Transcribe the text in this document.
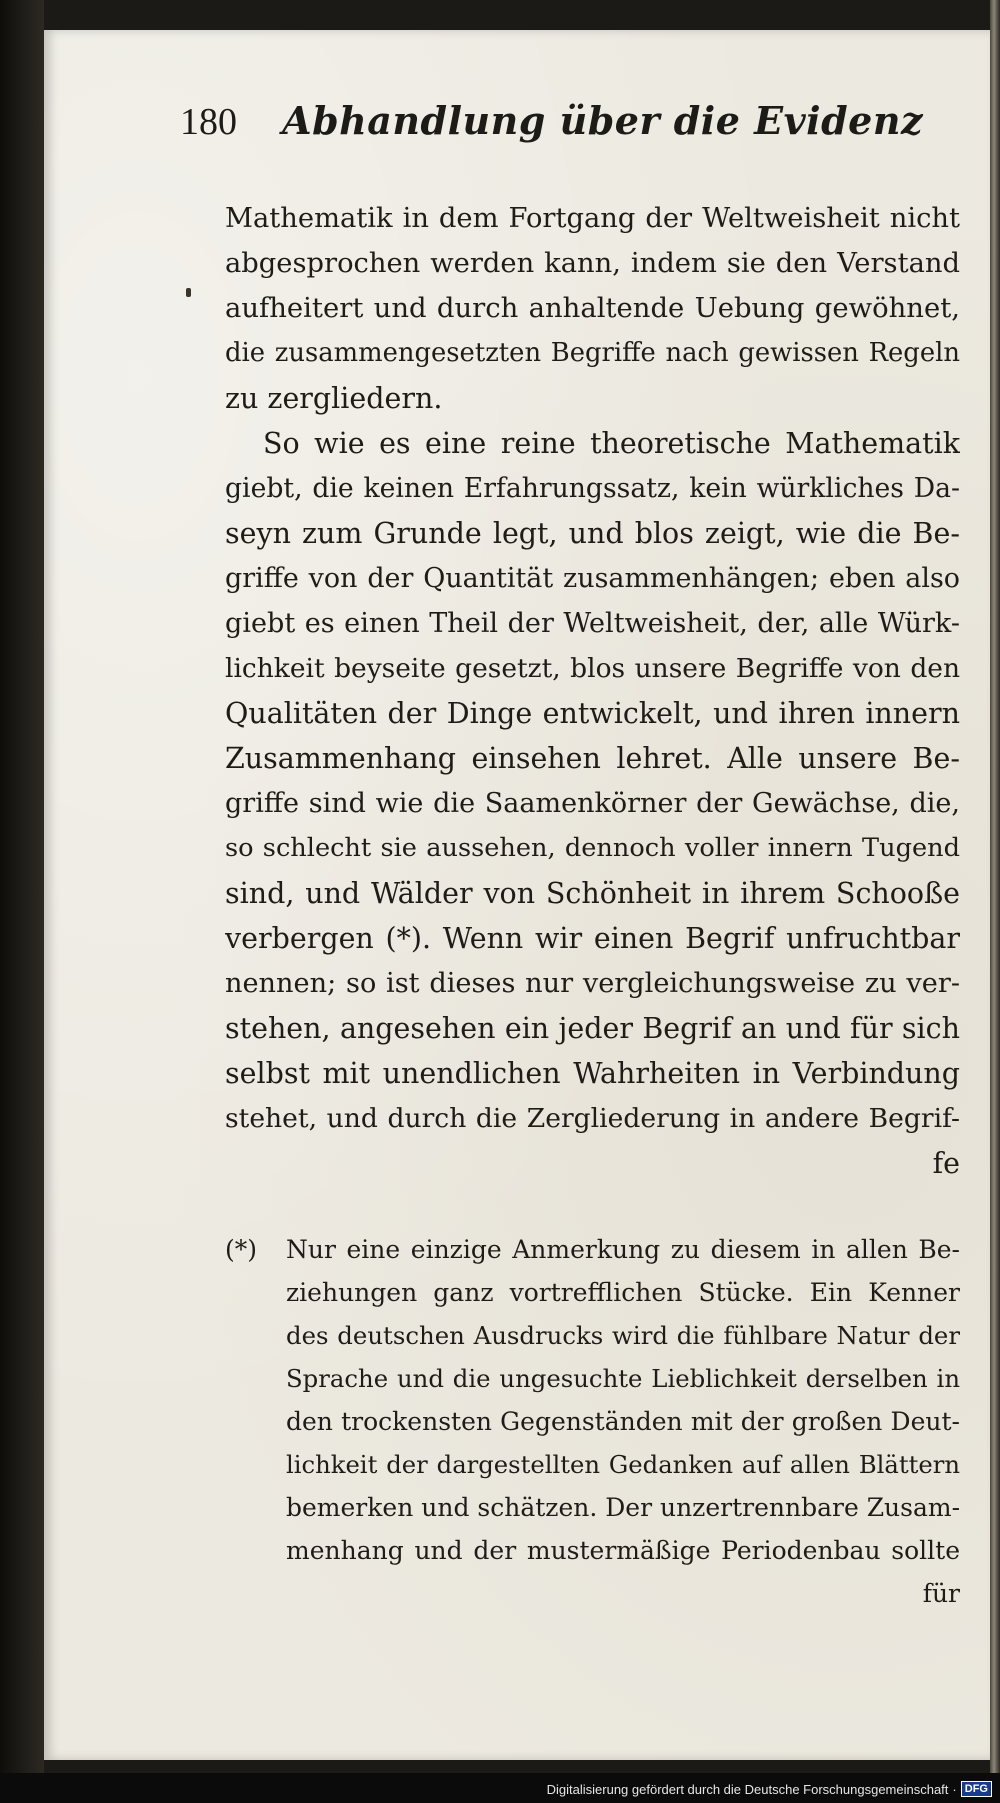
180 Abhandlung über die Evidenz
Mathematik in dem Fortgang der Weltweisheit nicht
abgesprochen werden kann, indem sie den Verstand
aufheitert und durch anhaltende Uebung gewöhnet,
die zusammengesetzten Begriffe nach gewissen Regeln
zu zergliedern.
So wie es eine reine theoretische Mathematik
giebt, die keinen Erfahrungssatz, kein würkliches Da-
seyn zum Grunde legt, und blos zeigt, wie die Be-
griffe von der Quantität zusammenhängen; eben also
giebt es einen Theil der Weltweisheit, der, alle Würk-
lichkeit beyseite gesetzt, blos unsere Begriffe von den
Qualitäten der Dinge entwickelt, und ihren innern
Zusammenhang einsehen lehret. Alle unsere Be-
griffe sind wie die Saamenkörner der Gewächse, die,
so schlecht sie aussehen, dennoch voller innern Tugend
sind, und Wälder von Schönheit in ihrem Schooße
verbergen (*). Wenn wir einen Begrif unfruchtbar
nennen; so ist dieses nur vergleichungsweise zu ver-
stehen, angesehen ein jeder Begrif an und für sich
selbst mit unendlichen Wahrheiten in Verbindung
stehet, und durch die Zergliederung in andere Begrif-
fe
(*)	Nur eine einzige Anmerkung zu diesem in allen Be-
ziehungen ganz vortrefflichen Stücke. Ein Kenner
des deutschen Ausdrucks wird die fühlbare Natur der
Sprache und die ungesuchte Lieblichkeit derselben in
den trockensten Gegenständen mit der großen Deut-
lichkeit der dargestellten Gedanken auf allen Blättern
bemerken und schätzen. Der unzertrennbare Zusam-
menhang und der mustermäßige Periodenbau sollte
für
Digitalisierung gefördert durch die Deutsche Forschungsgemeinschaft · DFG
